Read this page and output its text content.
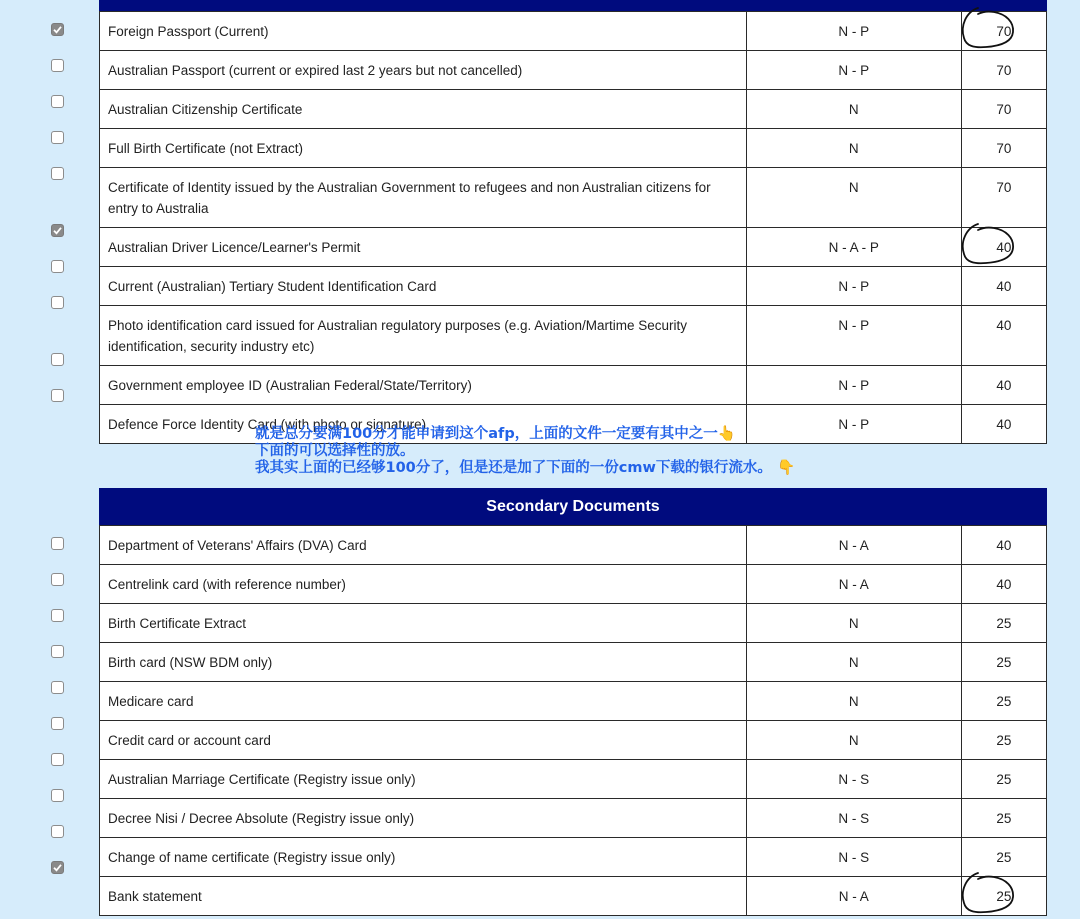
Foreign Passport (Current)	N - P	70

Australian Passport (current or expired last 2 years but not cancelled)	N - P	70
Australian Citizenship Certificate	N	70
Full Birth Certificate (not Extract)	N	70
Certificate of Identity issued by the Australian Government to refugees and non Australian citizens for entry to Australia	N	70
Australian Driver Licence/Learner's Permit	N - A - P	40

Current (Australian) Tertiary Student Identification Card	N - P	40
Photo identification card issued for Australian regulatory purposes (e.g. Aviation/Martime Security identification, security industry etc)	N - P	40
Government employee ID (Australian Federal/State/Territory)	N - P	40
Defence Force Identity Card (with photo or signature)	N - P	40
就是总分要满100分才能申请到这个afp，上面的文件一定要有其中之一👆
下面的可以选择性的放。
我其实上面的已经够100分了，但是还是加了下面的一份cmw下载的银行流水。 👇
Secondary Documents
Department of Veterans' Affairs (DVA) Card	N - A	40
Centrelink card (with reference number)	N - A	40
Birth Certificate Extract	N	25
Birth card (NSW BDM only)	N	25
Medicare card	N	25
Credit card or account card	N	25
Australian Marriage Certificate (Registry issue only)	N - S	25
Decree Nisi / Decree Absolute (Registry issue only)	N - S	25
Change of name certificate (Registry issue only)	N - S	25
Bank statement	N - A	25
